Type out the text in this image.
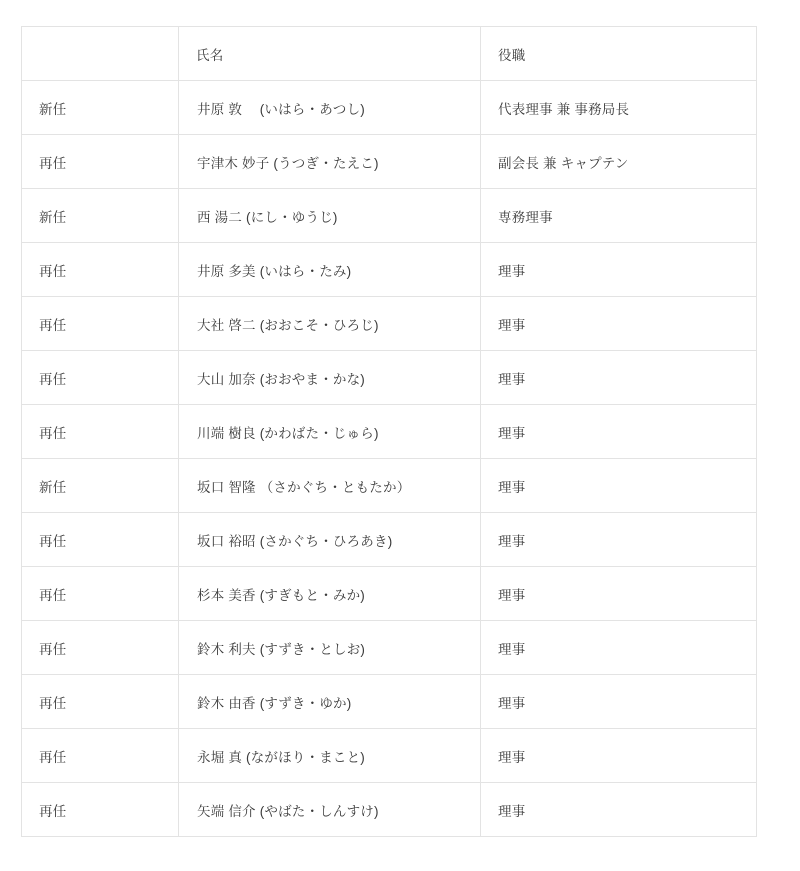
	氏名	役職
新任	井原 敦 　(いはら・あつし)	代表理事 兼 事務局長
再任	宇津木 妙子 (うつぎ・たえこ)	副会長 兼 キャプテン
新任	西 湯二 (にし・ゆうじ)	専務理事
再任	井原 多美 (いはら・たみ)	理事
再任	大社 啓二 (おおこそ・ひろじ)	理事
再任	大山 加奈 (おおやま・かな)	理事
再任	川端 樹良 (かわばた・じゅら)	理事
新任	坂口 智隆 （さかぐち・ともたか）	理事
再任	坂口 裕昭 (さかぐち・ひろあき)	理事
再任	杉本 美香 (すぎもと・みか)	理事
再任	鈴木 利夫 (すずき・としお)	理事
再任	鈴木 由香 (すずき・ゆか)	理事
再任	永堀 真 (ながほり・まこと)	理事
再任	矢端 信介 (やばた・しんすけ)	理事
